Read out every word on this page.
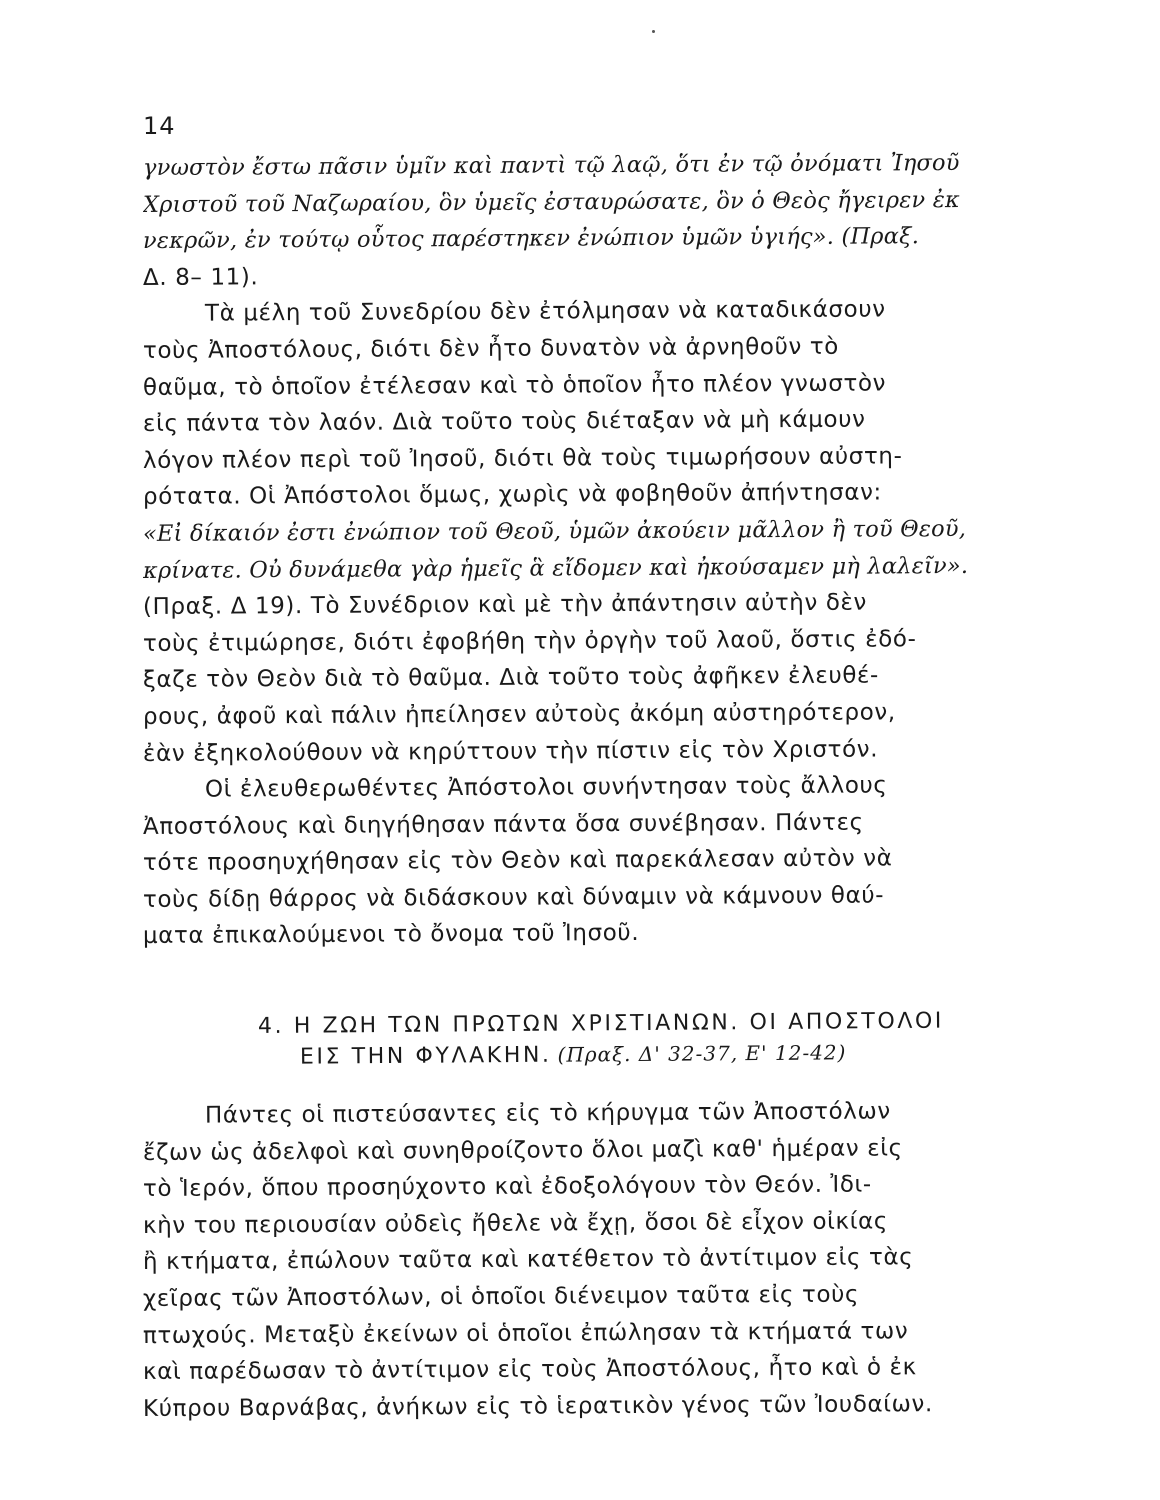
14
γνωστὸν ἔστω πᾶσιν ὑμῖν καὶ παντὶ τῷ λαῷ, ὅτι ἐν τῷ ὀνόματι Ἰησοῦ
Χριστοῦ τοῦ Ναζωραίου, ὃν ὑμεῖς ἐσταυρώσατε, ὃν ὁ Θεὸς ἤγειρεν ἐκ
νεκρῶν, ἐν τούτῳ οὗτος παρέστηκεν ἐνώπιον ὑμῶν ὑγιής». (Πραξ.
Δ. 8– 11).
Τὰ μέλη τοῦ Συνεδρίου δὲν ἐτόλμησαν νὰ καταδικάσουν
τοὺς Ἀποστόλους, διότι δὲν ἦτο δυνατὸν νὰ ἀρνηθοῦν τὸ
θαῦμα, τὸ ὁποῖον ἐτέλεσαν καὶ τὸ ὁποῖον ἦτο πλέον γνωστὸν
εἰς πάντα τὸν λαόν. Διὰ τοῦτο τοὺς διέταξαν νὰ μὴ κάμουν
λόγον πλέον περὶ τοῦ Ἰησοῦ, διότι θὰ τοὺς τιμωρήσουν αὐστη-
ρότατα. Οἱ Ἀπόστολοι ὅμως, χωρὶς νὰ φοβηθοῦν ἀπήντησαν:
«Εἰ δίκαιόν ἐστι ἐνώπιον τοῦ Θεοῦ, ὑμῶν ἀκούειν μᾶλλον ἢ τοῦ Θεοῦ,
κρίνατε. Οὐ δυνάμεθα γὰρ ἡμεῖς ἃ εἴδομεν καὶ ἠκούσαμεν μὴ λαλεῖν».
(Πραξ. Δ 19). Τὸ Συνέδριον καὶ μὲ τὴν ἀπάντησιν αὐτὴν δὲν
τοὺς ἐτιμώρησε, διότι ἐφοβήθη τὴν ὀργὴν τοῦ λαοῦ, ὅστις ἐδό-
ξαζε τὸν Θεὸν διὰ τὸ θαῦμα. Διὰ τοῦτο τοὺς ἀφῆκεν ἐλευθέ-
ρους, ἀφοῦ καὶ πάλιν ἠπείλησεν αὐτοὺς ἀκόμη αὐστηρότερον,
ἐὰν ἐξηκολούθουν νὰ κηρύττουν τὴν πίστιν εἰς τὸν Χριστόν.
Οἱ ἐλευθερωθέντες Ἀπόστολοι συνήντησαν τοὺς ἄλλους
Ἀποστόλους καὶ διηγήθησαν πάντα ὅσα συνέβησαν. Πάντες
τότε προσηυχήθησαν εἰς τὸν Θεὸν καὶ παρεκάλεσαν αὐτὸν νὰ
τοὺς δίδῃ θάρρος νὰ διδάσκουν καὶ δύναμιν νὰ κάμνουν θαύ-
ματα ἐπικαλούμενοι τὸ ὄνομα τοῦ Ἰησοῦ.
4. Η ΖΩΗ ΤΩΝ ΠΡΩΤΩΝ ΧΡΙΣΤΙΑΝΩΝ. ΟΙ ΑΠΟΣΤΟΛΟΙ
ΕΙΣ ΤΗΝ ΦΥΛΑΚΗΝ. (Πραξ. Δ' 32-37, Ε' 12-42)
Πάντες οἱ πιστεύσαντες εἰς τὸ κήρυγμα τῶν Ἀποστόλων
ἔζων ὡς ἀδελφοὶ καὶ συνηθροίζοντο ὅλοι μαζὶ καθ' ἡμέραν εἰς
τὸ Ἱερόν, ὅπου προσηύχοντο καὶ ἐδοξολόγουν τὸν Θεόν. Ἰδι-
κὴν του περιουσίαν οὐδεὶς ἤθελε νὰ ἔχῃ, ὅσοι δὲ εἶχον οἰκίας
ἢ κτήματα, ἐπώλουν ταῦτα καὶ κατέθετον τὸ ἀντίτιμον εἰς τὰς
χεῖρας τῶν Ἀποστόλων, οἱ ὁποῖοι διένειμον ταῦτα εἰς τοὺς
πτωχούς. Μεταξὺ ἐκείνων οἱ ὁποῖοι ἐπώλησαν τὰ κτήματά των
καὶ παρέδωσαν τὸ ἀντίτιμον εἰς τοὺς Ἀποστόλους, ἦτο καὶ ὁ ἐκ
Κύπρου Βαρνάβας, ἀνήκων εἰς τὸ ἱερατικὸν γένος τῶν Ἰουδαίων.
